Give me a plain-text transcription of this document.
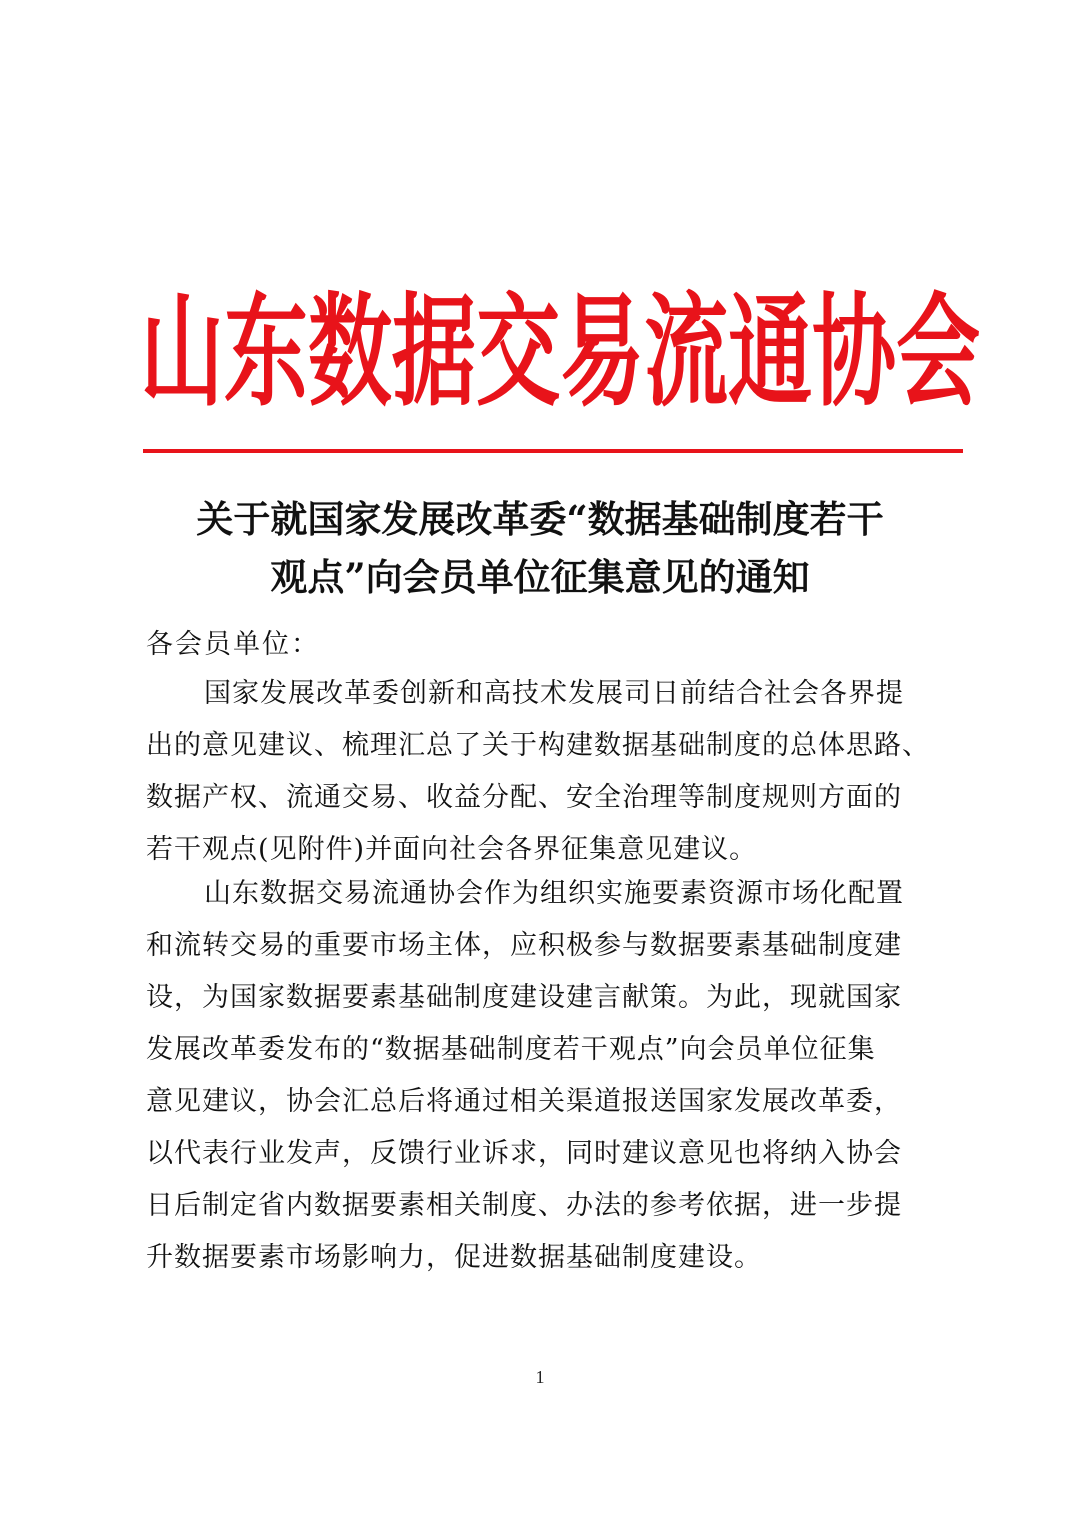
山 东 数 据 交 易 流 通 协 会
关于就国家发展改革委“数据基础制度若干
观点”向会员单位征集意见的通知
各会员单位：

国家发展改革委创新和高技术发展司日前结合社会各界提
出的意见建议、梳理汇总了关于构建数据基础制度的总体思路、
数据产权、流通交易、收益分配、安全治理等制度规则方面的
若干观点(见附件)并面向社会各界征集意见建议。

山东数据交易流通协会作为组织实施要素资源市场化配置
和流转交易的重要市场主体，应积极参与数据要素基础制度建
设，为国家数据要素基础制度建设建言献策。为此，现就国家
发展改革委发布的“数据基础制度若干观点”向会员单位征集
意见建议，协会汇总后将通过相关渠道报送国家发展改革委，
以代表行业发声，反馈行业诉求，同时建议意见也将纳入协会
日后制定省内数据要素相关制度、办法的参考依据，进一步提
升数据要素市场影响力，促进数据基础制度建设。

1
